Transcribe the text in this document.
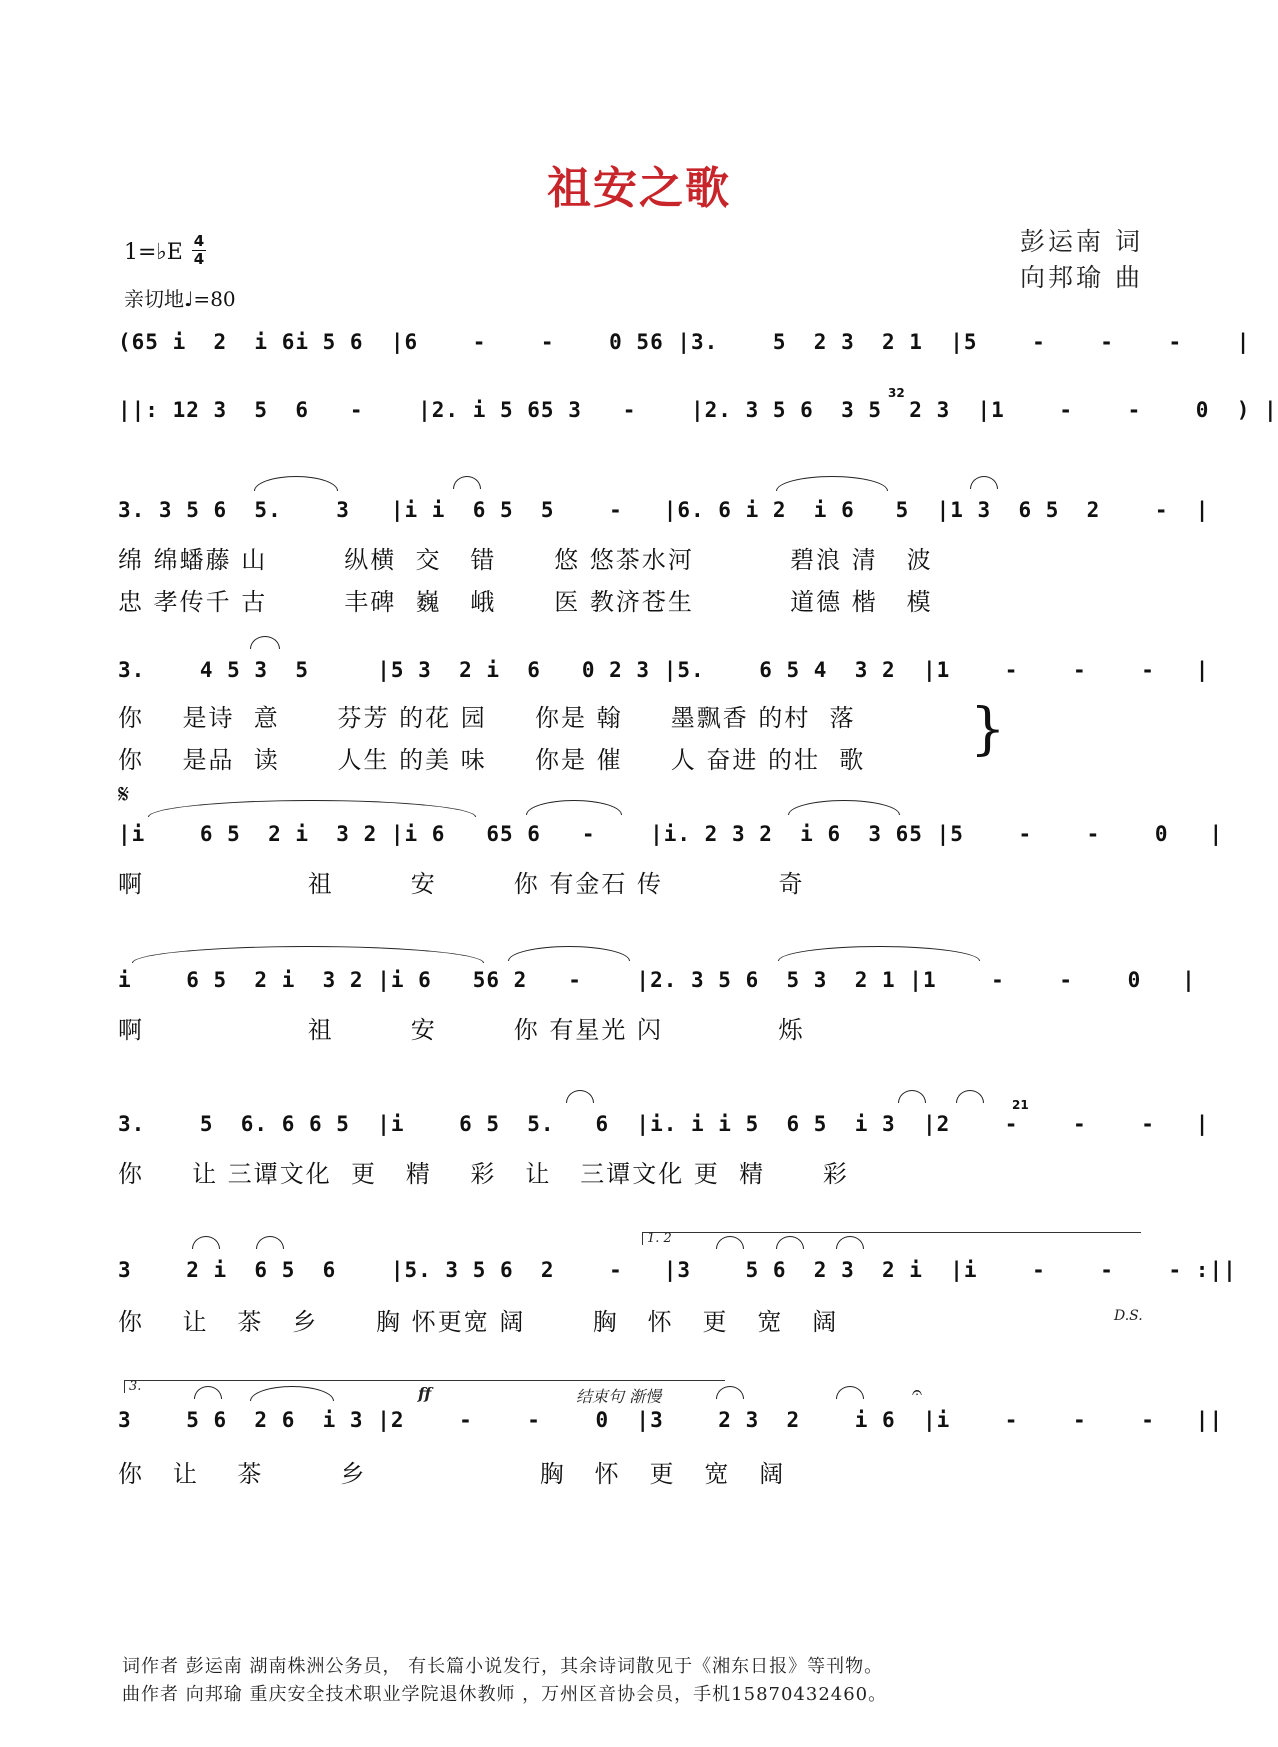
祖安之歌
彭运南 词
向邦瑜 曲
1=♭E 4
4
亲切地♩=80
(65 i  2  i 6i 5 6  |6    -    -    0 56 |3.    5  2 3  2 1  |5    -    -    -    |
||: 12 3  5  6   -    |2. i 5 65 3   -    |2. 3 5 6  3 5  2 3  |1    -    -    0  ) |
32
3. 3 5 6  5.    3   |i i  6 5  5    -   |6. 6 i 2  i 6   5  |1 3  6 5  2    -  |
绵 绵蟠藤 山        纵横  交   错      悠 悠茶水河          碧浪 清   波
忠 孝传千 古        丰碑  巍   峨      医 教济苍生          道德 楷   模
3.    4 5 3  5     |5 3  2 i  6   0 2 3 |5.    6 5 4  3 2  |1    -    -    -   |
你    是诗  意      芬芳 的花 园     你是 翰     墨飘香 的村  落
你    是品  读      人生 的美 味     你是 催     人 奋进 的壮  歌 }
𝄋
|i    6 5  2 i  3 2 |i 6   65 6   -    |i. 2 3 2  i 6  3 65 |5    -    -    0   |
啊                 祖        安        你 有金石 传            奇
i    6 5  2 i  3 2 |i 6   56 2   -    |2. 3 5 6  5 3  2 1 |1    -    -    0   |
啊                 祖        安        你 有星光 闪            烁
21
3.    5  6. 6 6 5  |i    6 5  5.   6  |i. i i 5  6 5  i 3  |2    -    -    -   |
你     让 三谭文化  更   精    彩   让   三谭文化 更  精      彩
1. 2
3    2 i  6 5  6    |5. 3 5 6  2    -   |3    5 6  2 3  2 i  |i    -    -    - :||
你    让   茶   乡      胸 怀更宽 阔       胸   怀   更   宽   阔	D.S.
3.	ff	结束句 渐慢	𝄐
3    5 6  2 6  i 3 |2    -    -    0  |3    2 3  2    i 6  |i    -    -    -   ||
你   让    茶        乡                  胸   怀   更   宽   阔
词作者 彭运南 湖南株洲公务员， 有长篇小说发行，其余诗词散见于《湘东日报》等刊物。
曲作者 向邦瑜 重庆安全技术职业学院退休教师 ，万州区音协会员，手机15870432460。
